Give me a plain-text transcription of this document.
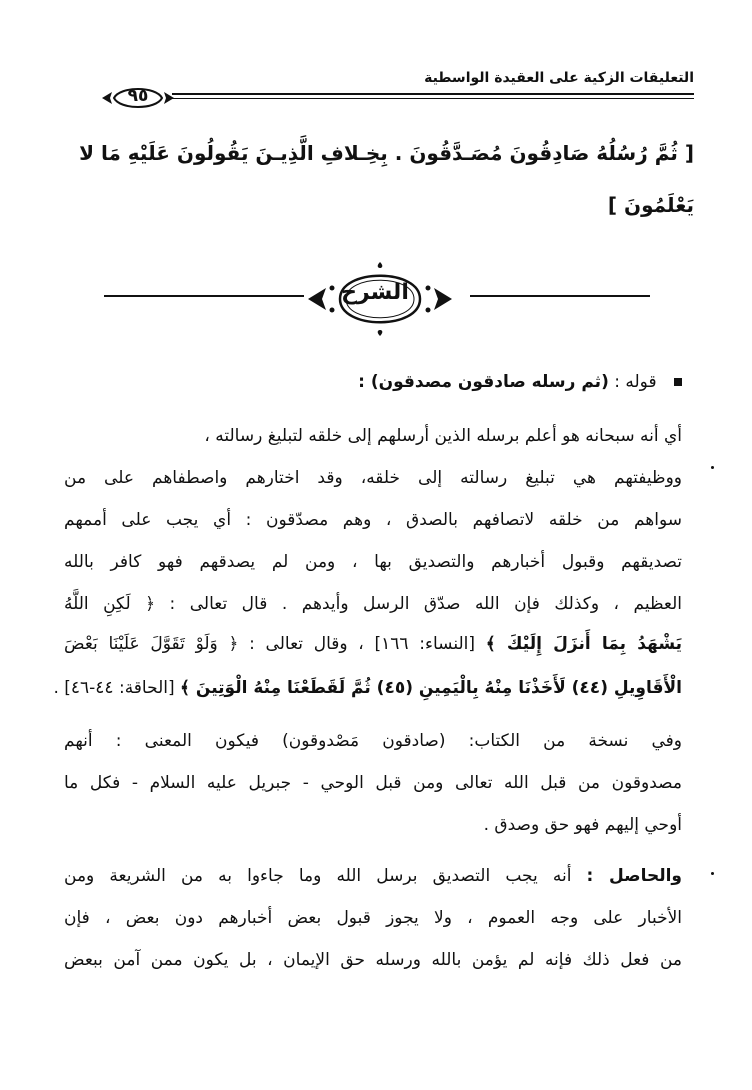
التعليقات الزكية على العقيدة الواسطية
٩٥
[ ثُمَّ رُسُلُهُ صَادِقُونَ مُصَـدَّقُونَ . بِخِـلافِ الَّذِيـنَ يَقُولُونَ عَلَيْهِ مَا لا
يَعْلَمُونَ ]
الشرح
قوله : (ثم رسله صادقون مصدقون) :
أي أنه سبحانه هو أعلم برسله الذين أرسلهم إلى خلقه لتبليغ رسالته ،
ووظيفتهم هي تبليغ رسالته إلى خلقه، وقد اختارهم واصطفاهم على من
سواهم من خلقه لاتصافهم بالصدق ، وهم مصدّقون : أي يجب على أممهم
تصديقهم وقبول أخبارهم والتصديق بها ، ومن لم يصدقهم فهو كافر بالله
العظيم ، وكذلك فإن الله صدّق الرسل وأيدهم . قال تعالى : ﴿ لَكِنِ اللَّهُ
يَشْهَدُ بِمَا أَنزَلَ إِلَيْكَ ﴾ [النساء: ١٦٦] ، وقال تعالى : ﴿ وَلَوْ تَقَوَّلَ عَلَيْنَا بَعْضَ
الْأَقَاوِيلِ (٤٤) لَأَخَذْنَا مِنْهُ بِالْيَمِينِ (٤٥) ثُمَّ لَقَطَعْنَا مِنْهُ الْوَتِينَ ﴾ [الحاقة: ٤٤-٤٦] .
وفي نسخة من الكتاب: (صادقون مَصْدوقون) فيكون المعنى : أنهم
مصدوقون من قبل الله تعالى ومن قبل الوحي - جبريل عليه السلام - فكل ما
أوحي إليهم فهو حق وصدق .
والحاصل : أنه يجب التصديق برسل الله وما جاءوا به من الشريعة ومن
الأخبار على وجه العموم ، ولا يجوز قبول بعض أخبارهم دون بعض ، فإن
من فعل ذلك فإنه لم يؤمن بالله ورسله حق الإيمان ، بل يكون ممن آمن ببعض
